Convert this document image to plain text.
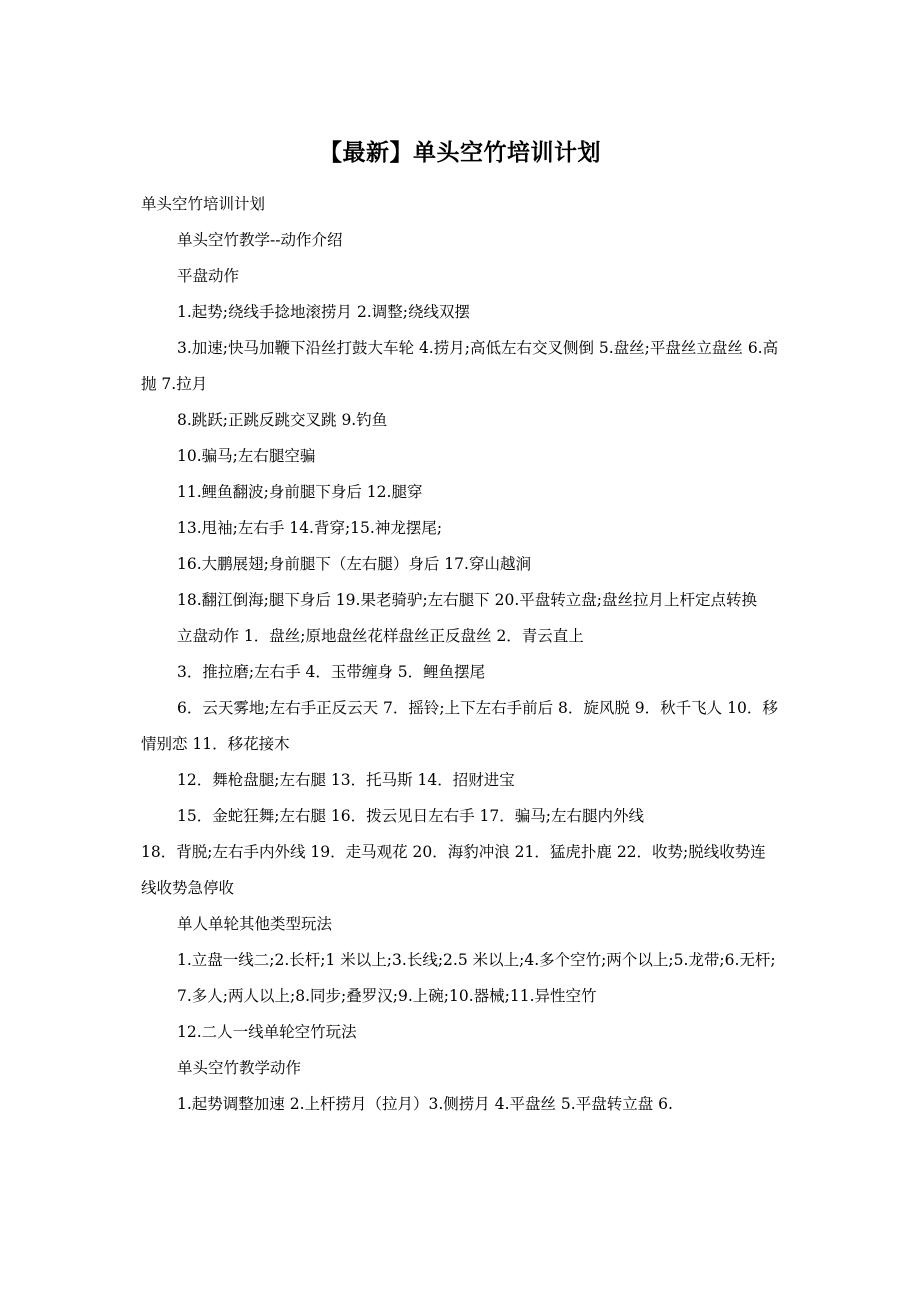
【最新】单头空竹培训计划

单头空竹培训计划

单头空竹教学--动作介绍

平盘动作

1.起势;绕线手捻地滚捞月 2.调整;绕线双摆

3.加速;快马加鞭下沿丝打鼓大车轮 4.捞月;高低左右交叉侧倒 5.盘丝;平盘丝立盘丝 6.高抛 7.拉月

8.跳跃;正跳反跳交叉跳 9.钓鱼

10.骗马;左右腿空骗

11.鲤鱼翻波;身前腿下身后 12.腿穿

13.甩袖;左右手 14.背穿;15.神龙摆尾;

16.大鹏展翅;身前腿下（左右腿）身后 17.穿山越涧

18.翻江倒海;腿下身后 19.果老骑驴;左右腿下 20.平盘转立盘;盘丝拉月上杆定点转换

立盘动作 1．盘丝;原地盘丝花样盘丝正反盘丝 2．青云直上

3．推拉磨;左右手 4．玉带缠身 5．鲤鱼摆尾

6．云天雾地;左右手正反云天 7．摇铃;上下左右手前后 8．旋风脱 9．秋千飞人 10．移情别恋 11．移花接木

12．舞枪盘腿;左右腿 13．托马斯 14．招财进宝

15．金蛇狂舞;左右腿 16．拨云见日左右手 17．骗马;左右腿内外线

18．背脱;左右手内外线 19．走马观花 20．海豹冲浪 21．猛虎扑鹿 22．收势;脱线收势连线收势急停收

单人单轮其他类型玩法

1.立盘一线二;2.长杆;1 米以上;3.长线;2.5 米以上;4.多个空竹;两个以上;5.龙带;6.无杆;

7.多人;两人以上;8.同步;叠罗汉;9.上碗;10.器械;11.异性空竹

12.二人一线单轮空竹玩法

单头空竹教学动作

1.起势调整加速 2.上杆捞月（拉月）3.侧捞月 4.平盘丝 5.平盘转立盘 6.
